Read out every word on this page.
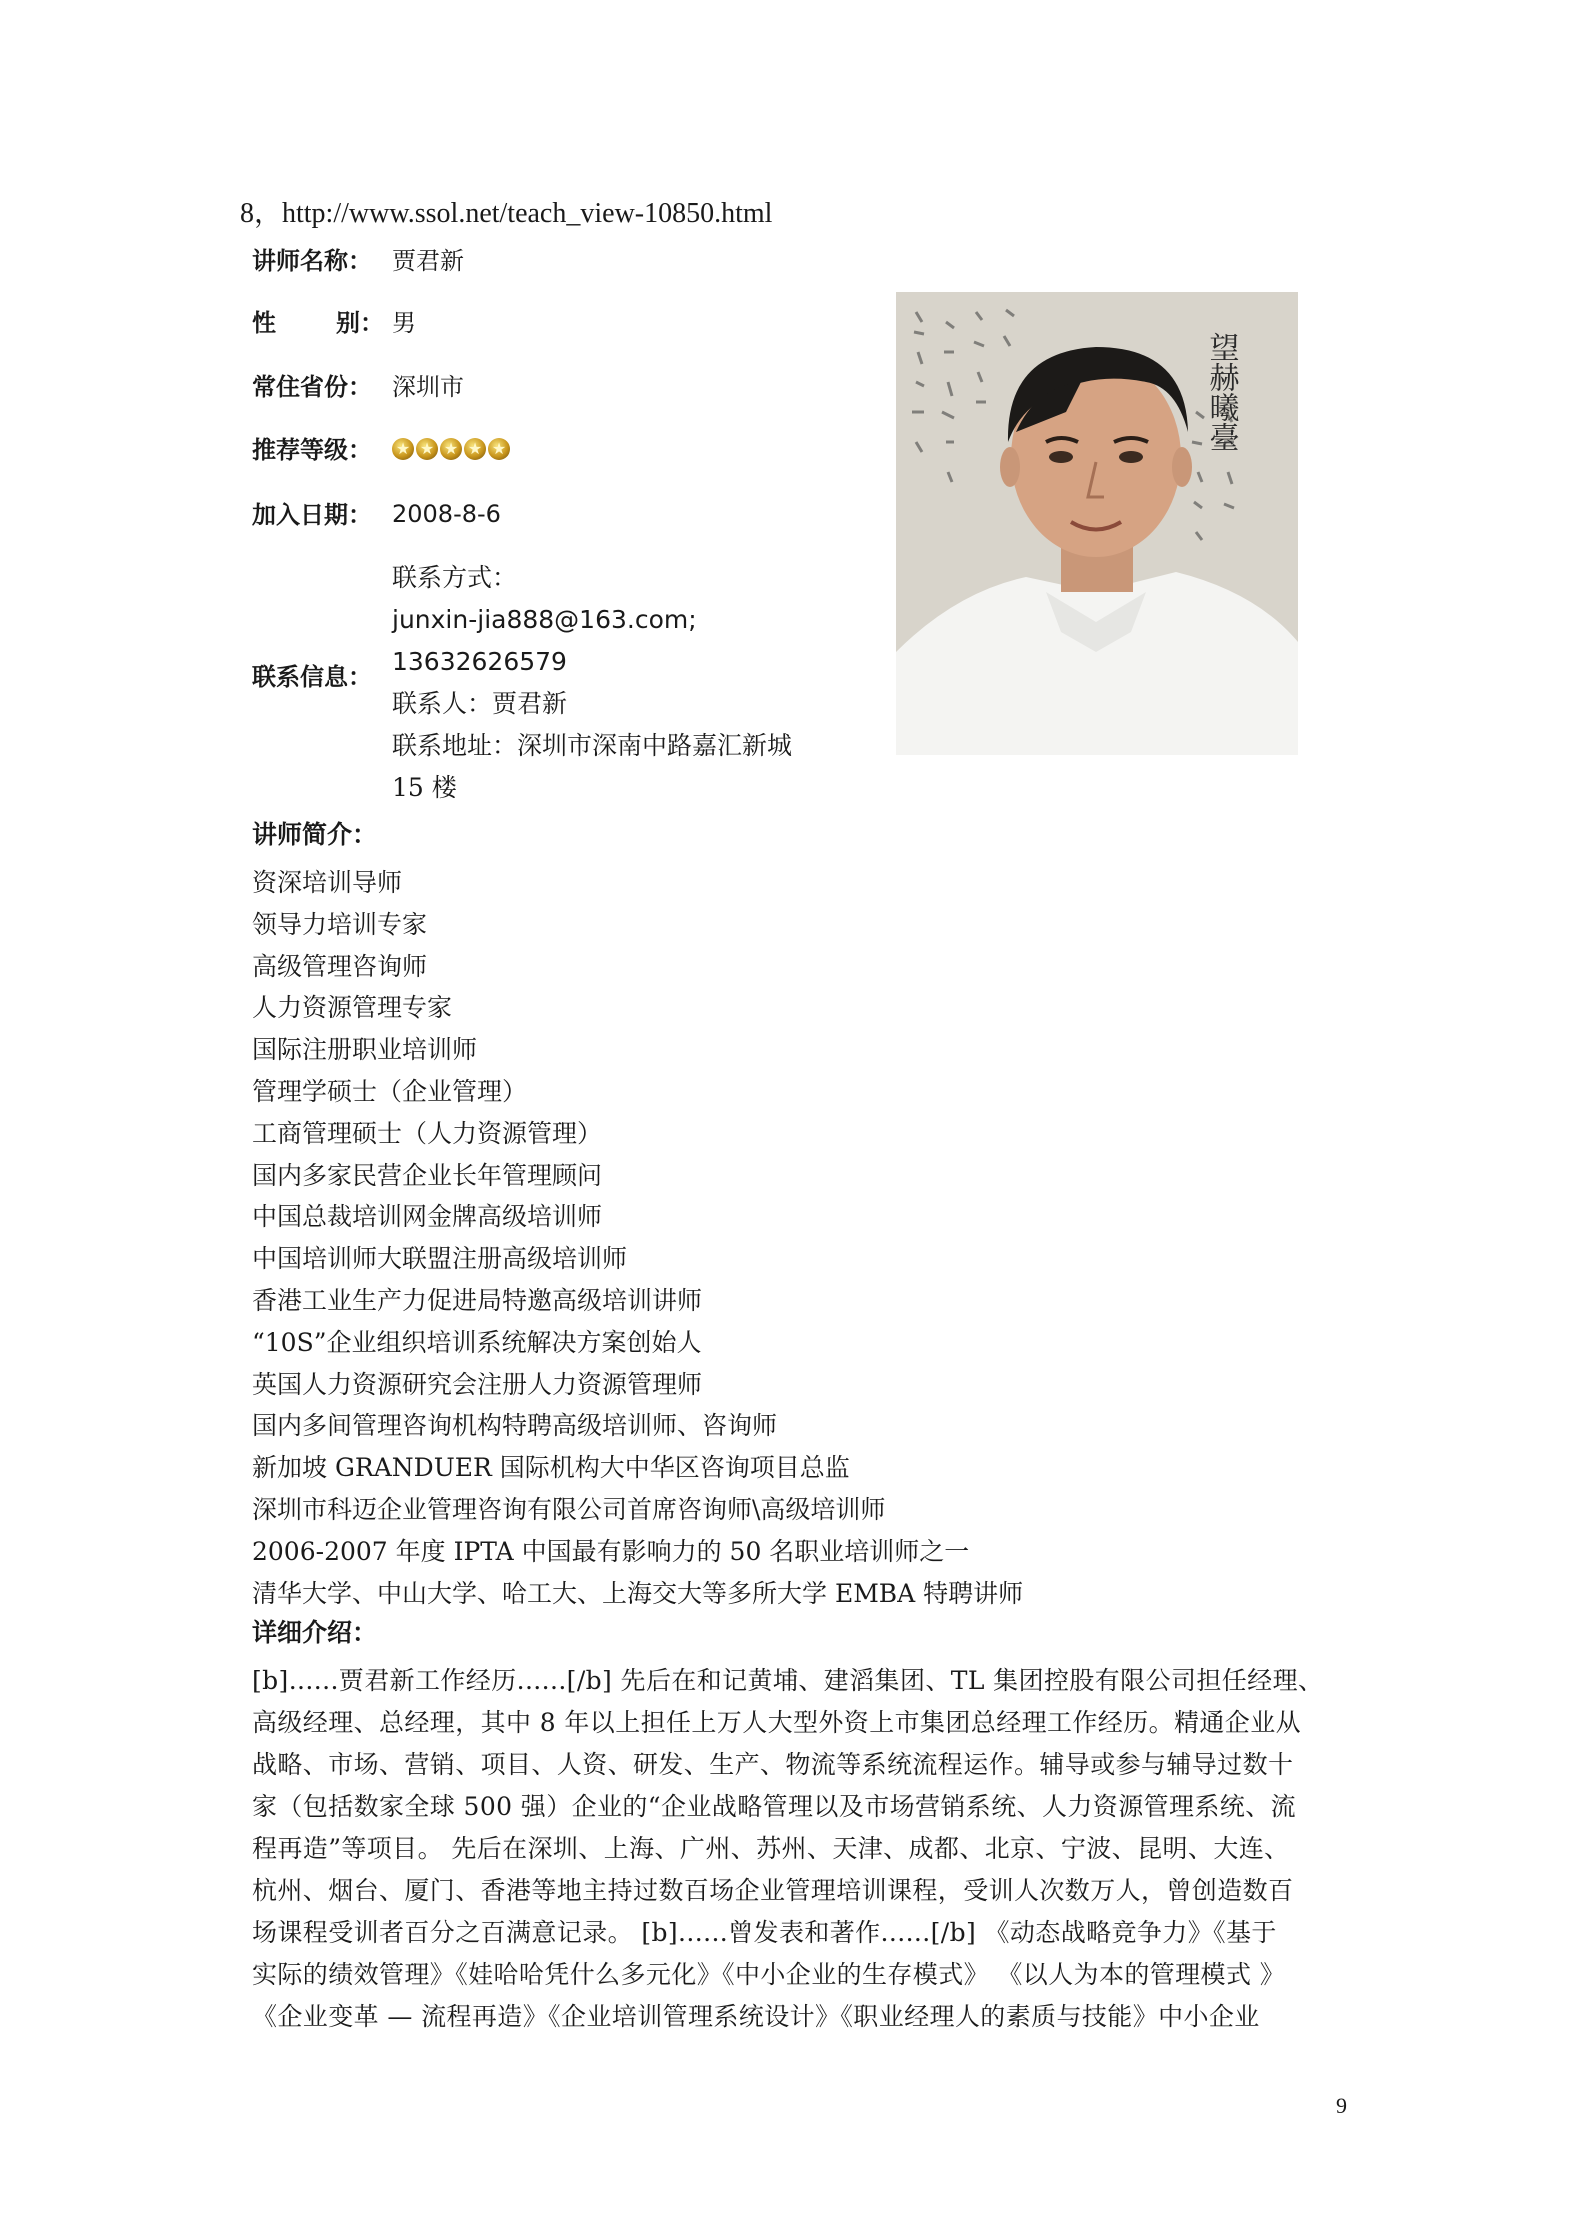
8，http://www.ssol.net/teach_view-10850.html
讲师名称： 贾君新
性	别 ： 男
常住省份： 深圳市
推荐等级：	★ ★ ★ ★ ★
加入日期： 2008-8-6
联系信息：
联系方式：
junxin-jia888@163.com;
13632626579
联系人：贾君新
联系地址：深圳市深南中路嘉汇新城
15 楼
望赫曦臺
讲师简介：
资深培训导师
领导力培训专家
高级管理咨询师
人力资源管理专家
国际注册职业培训师
管理学硕士（企业管理）
工商管理硕士（人力资源管理）
国内多家民营企业长年管理顾问
中国总裁培训网金牌高级培训师
中国培训师大联盟注册高级培训师
香港工业生产力促进局特邀高级培训讲师
“10S”企业组织培训系统解决方案创始人
英国人力资源研究会注册人力资源管理师
国内多间管理咨询机构特聘高级培训师、咨询师
新加坡 GRANDUER 国际机构大中华区咨询项目总监
深圳市科迈企业管理咨询有限公司首席咨询师\高级培训师
2006-2007 年度 IPTA 中国最有影响力的 50 名职业培训师之一
清华大学、中山大学、哈工大、上海交大等多所大学 EMBA 特聘讲师
详细介绍：
[b]......贾君新工作经历......[/b] 先后在和记黄埔、建滔集团、TL 集团控股有限公司担任经理、
高级经理、总经理，其中 8 年以上担任上万人大型外资上市集团总经理工作经历。精通企业从
战略、市场、营销、项目、人资、研发、生产、物流等系统流程运作。辅导或参与辅导过数十
家（包括数家全球 500 强）企业的“企业战略管理以及市场营销系统、人力资源管理系统、流
程再造”等项目。 先后在深圳、上海、广州、苏州、天津、成都、北京、宁波、昆明、大连、
杭州、烟台、厦门、香港等地主持过数百场企业管理培训课程，受训人次数万人，曾创造数百
场课程受训者百分之百满意记录。 [b]......曾发表和著作......[/b] 《动态战略竞争力》《基于
实际的绩效管理》《娃哈哈凭什么多元化》《中小企业的生存模式》 《以人为本的管理模式 》
《企业变革 — 流程再造》《企业培训管理系统设计》《职业经理人的素质与技能》中小企业
9
